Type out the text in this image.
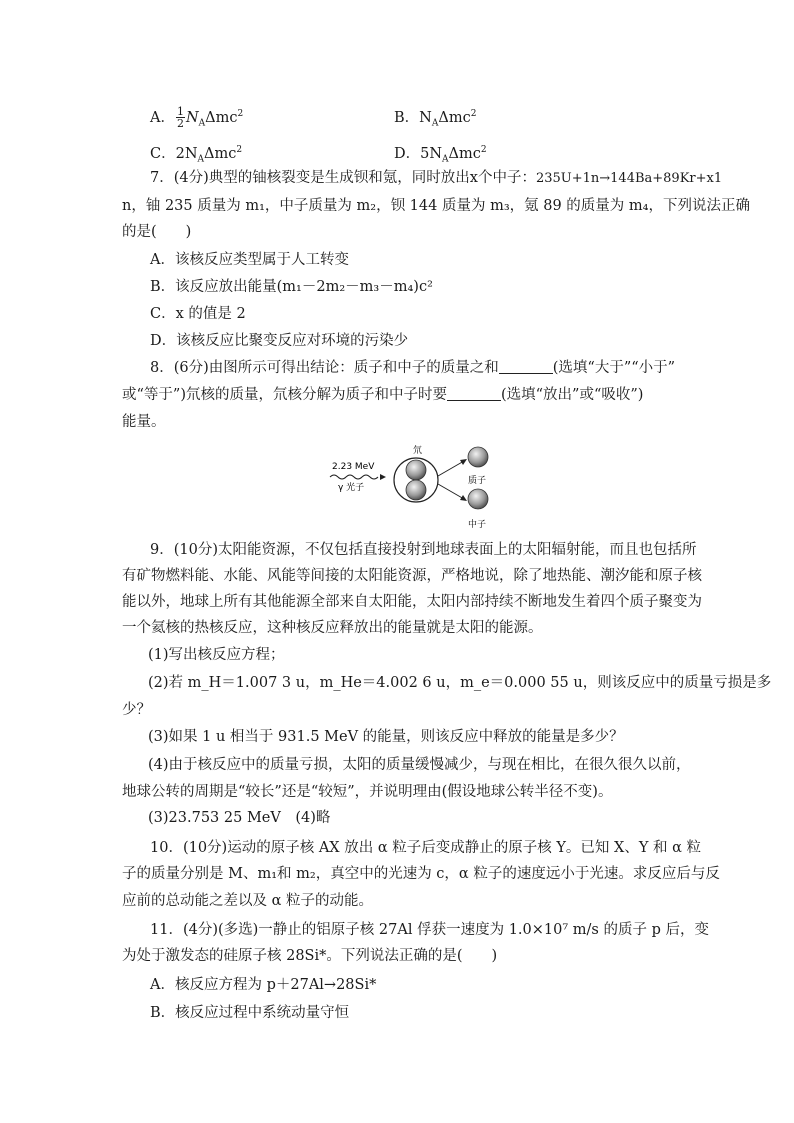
A． $\frac{1}{2} N_A\Delta mc^2$	B．$N_A\Delta mc^2$
C．$2N_A\Delta mc^2$	D．$5N_A\Delta mc^2$
7．(4分)典型的铀核裂变是生成钡和氪，同时放出x个中子：235U+1n→144Ba+89Kr+x1
n，铀 235 质量为 m₁，中子质量为 m₂，钡 144 质量为 m₃，氪 89 的质量为 m₄，下列说法正确
的是(　　)
A．该核反应类型属于人工转变
B．该反应放出能量(m₁－2m₂－m₃－m₄)c²
C．x 的值是 2
D．该核反应比聚变反应对环境的污染少
8．(6分)由图所示可得出结论：质子和中子的质量之和	(选填“大于”“小于”
或“等于”)氘核的质量，氘核分解为质子和中子时要	(选填“放出”或“吸收”)
能量。
2.23 MeV
γ 光子
氘
质子
中子
9．(10分)太阳能资源，不仅包括直接投射到地球表面上的太阳辐射能，而且也包括所
有矿物燃料能、水能、风能等间接的太阳能资源，严格地说，除了地热能、潮汐能和原子核
能以外，地球上所有其他能源全部来自太阳能，太阳内部持续不断地发生着四个质子聚变为
一个氦核的热核反应，这种核反应释放出的能量就是太阳的能源。
(1)写出核反应方程；
(2)若 m_H＝1.007 3 u，m_He＝4.002 6 u，m_e＝0.000 55 u，则该反应中的质量亏损是多
少？
(3)如果 1 u 相当于 931.5 MeV 的能量，则该反应中释放的能量是多少？
(4)由于核反应中的质量亏损，太阳的质量缓慢减少，与现在相比，在很久很久以前，
地球公转的周期是“较长”还是“较短”，并说明理由(假设地球公转半径不变)。
(3)23.753 25 MeV　(4)略
10．(10分)运动的原子核 AX 放出 α 粒子后变成静止的原子核 Y。已知 X、Y 和 α 粒
子的质量分别是 M、m₁和 m₂，真空中的光速为 c，α 粒子的速度远小于光速。求反应后与反
应前的总动能之差以及 α 粒子的动能。
11．(4分)(多选)一静止的铝原子核 27Al 俘获一速度为 1.0×10⁷ m/s 的质子 p 后，变
为处于激发态的硅原子核 28Si*。下列说法正确的是(　　)
A．核反应方程为 p＋27Al→28Si*
B．核反应过程中系统动量守恒
